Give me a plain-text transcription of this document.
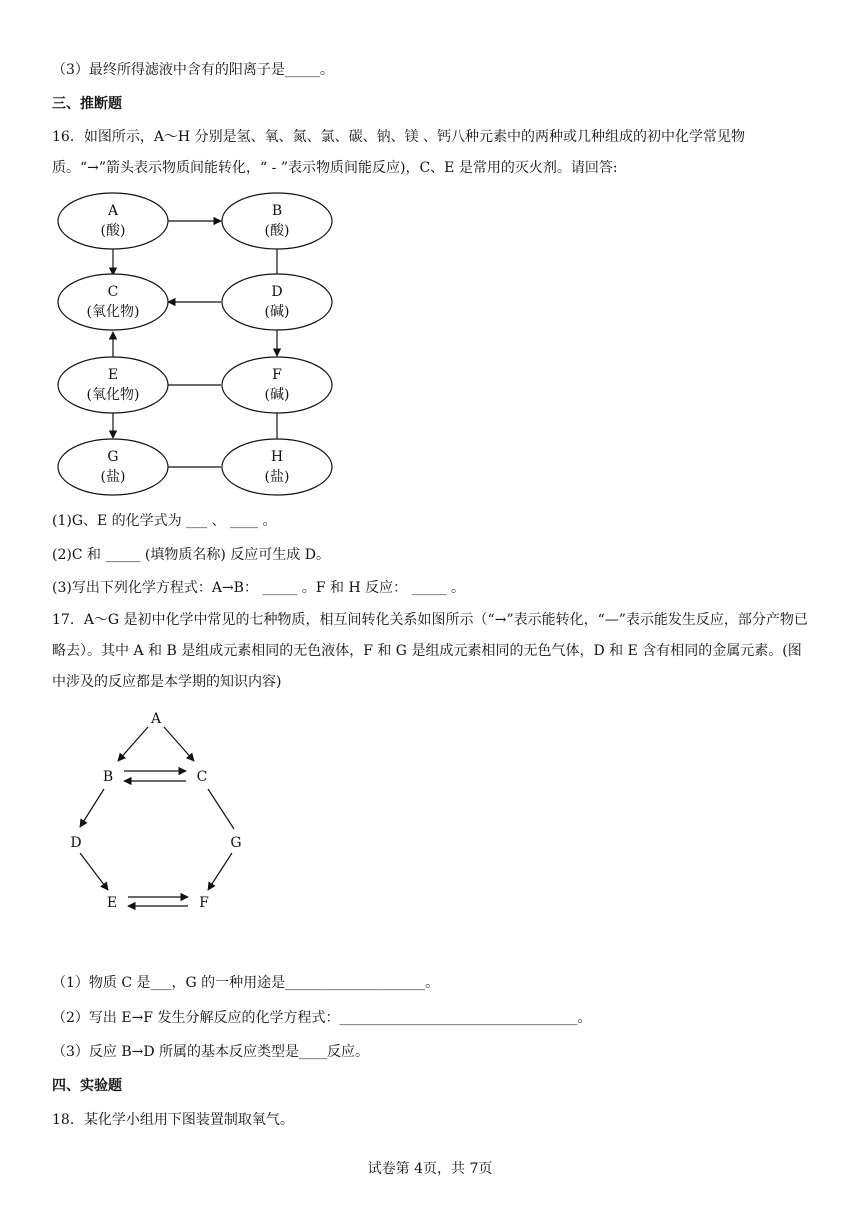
（3）最终所得滤液中含有的阳离子是_____。
三、推断题
16．如图所示，A～H 分别是氢、氧、氮、氯、碳、钠、镁 、钙八种元素中的两种或几种组成的初中化学常见物质。“→”箭头表示物质间能转化，“ - ”表示物质间能反应)，C、E 是常用的灭火剂。请回答:
A
(酸)
B
(酸)
C
(氧化物)
D
(碱)
E
(氧化物)
F
(碱)
G
(盐)
H
(盐)
(1)G、E 的化学式为 ___ 、 ____ 。
(2)C 和 _____ (填物质名称) 反应可生成 D。
(3)写出下列化学方程式：A→B： _____ 。F 和 H 反应： _____ 。
17．A～G 是初中化学中常见的七种物质，相互间转化关系如图所示（“→”表示能转化，“—”表示能发生反应，部分产物已略去）。其中 A 和 B 是组成元素相同的无色液体，F 和 G 是组成元素相同的无色气体，D 和 E 含有相同的金属元素。(图中涉及的反应都是本学期的知识内容)
A
B	C
D	G
E	F
（1）物质 C 是___，G 的一种用途是____________________。
（2）写出 E→F 发生分解反应的化学方程式：__________________________________。
（3）反应 B→D 所属的基本反应类型是____反应。
四、实验题
18．某化学小组用下图装置制取氧气。
试卷第 4页，共 7页
